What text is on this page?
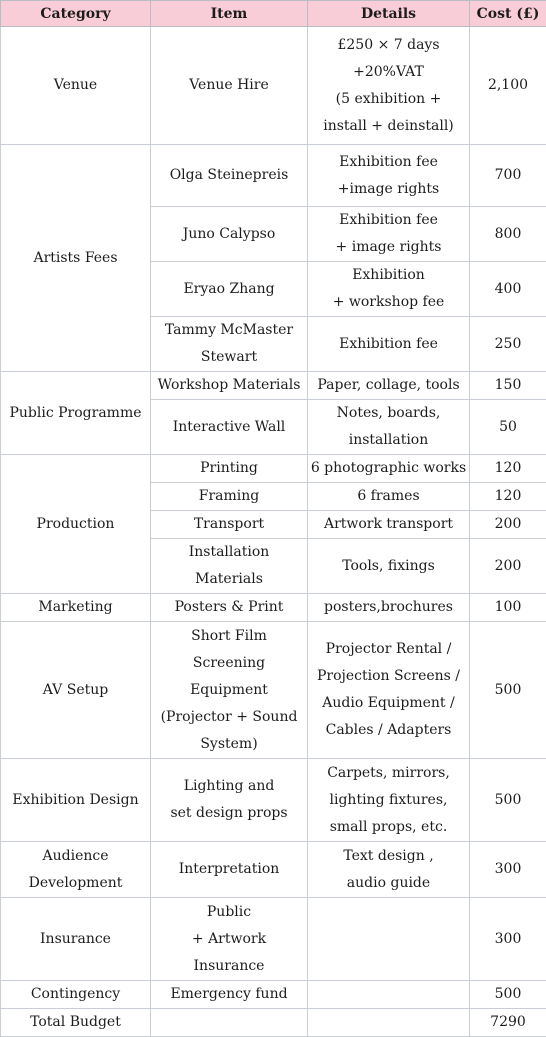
Category	Item	Details	Cost (£)
Venue	Venue Hire	£250 × 7 days
+20%VAT
(5 exhibition +
install + deinstall)	2,100
Artists Fees	Olga Steinepreis	Exhibition fee
+image rights	700

	Juno Calypso	Exhibition fee
+ image rights	800

	Eryao Zhang	Exhibition
+ workshop fee	400

	Tammy McMaster
Stewart	Exhibition fee	250
Public Programme	Workshop Materials	Paper, collage, tools	150

	Interactive Wall	Notes, boards,
installation	50
Production	Printing	6 photographic works	120

	Framing	6 frames	120

	Transport	Artwork transport	200

	Installation
Materials	Tools, fixings	200
Marketing	Posters & Print	posters,brochures	100
AV Setup	Short Film
Screening
Equipment
(Projector + Sound
System)	Projector Rental /
Projection Screens /
Audio Equipment /
Cables / Adapters	500
Exhibition Design	Lighting and
set design props	Carpets, mirrors,
lighting fixtures,
small props, etc.	500

Audience
Development	Interpretation	Text design ,
audio guide	300
Insurance	Public
+ Artwork
Insurance		300
Contingency	Emergency fund		500
Total Budget			7290
